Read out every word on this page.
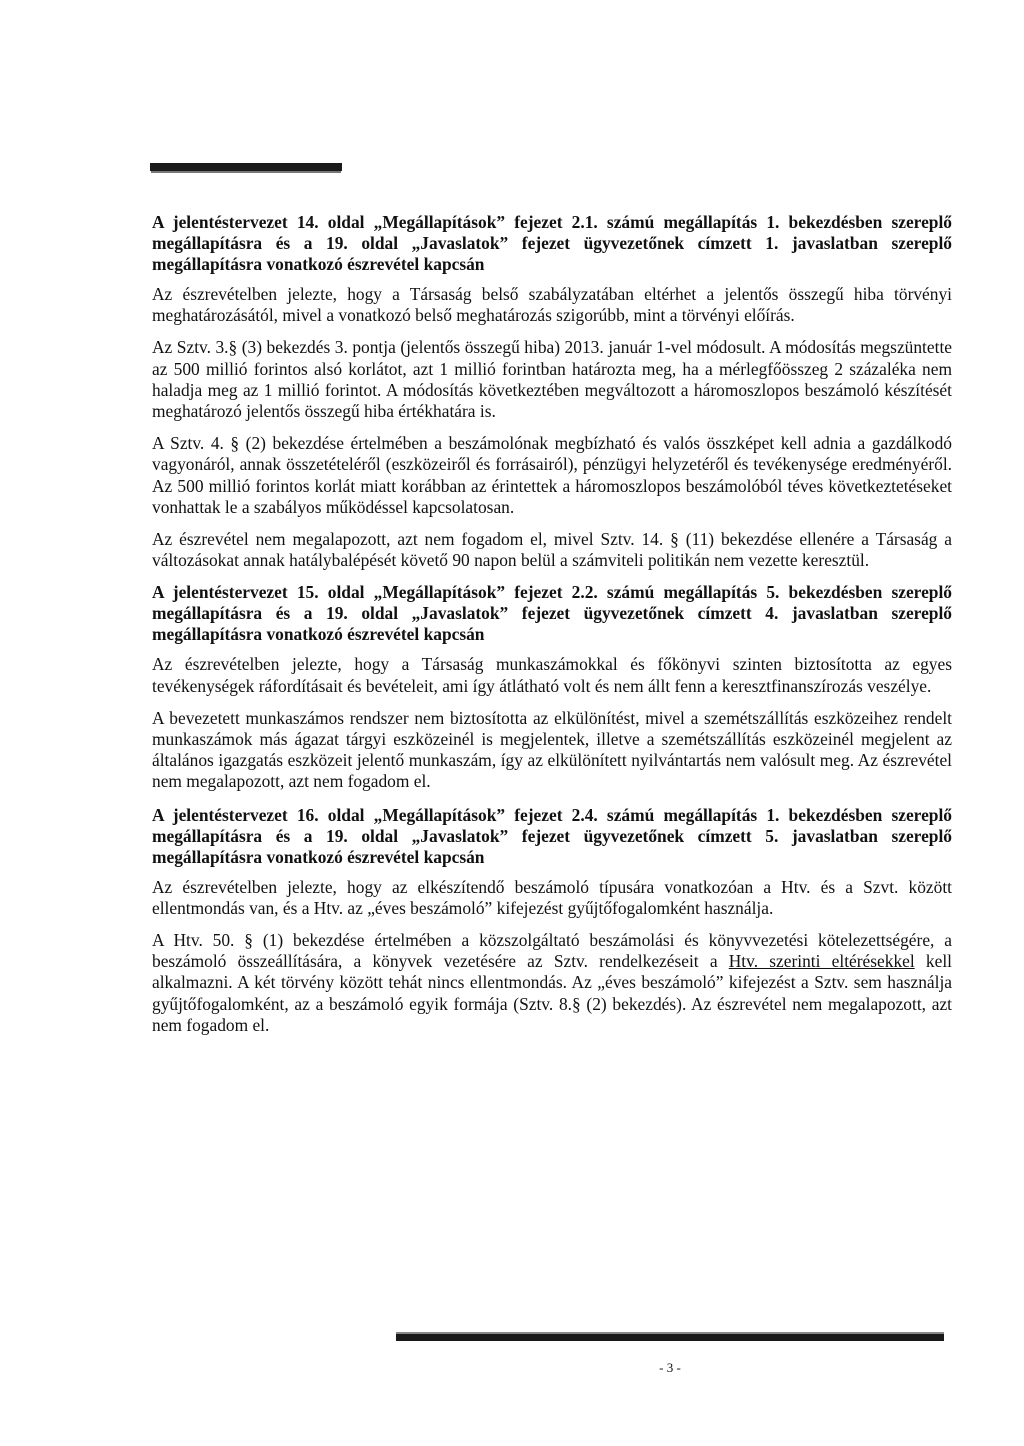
A jelentéstervezet 14. oldal „Megállapítások” fejezet 2.1. számú megállapítás 1. bekezdésben szereplő megállapításra és a 19. oldal „Javaslatok” fejezet ügyvezetőnek címzett 1. javaslatban szereplő megállapításra vonatkozó észrevétel kapcsán

Az észrevételben jelezte, hogy a Társaság belső szabályzatában eltérhet a jelentős összegű hiba törvényi meghatározásától, mivel a vonatkozó belső meghatározás szigorúbb, mint a törvényi előírás.

Az Sztv. 3.§ (3) bekezdés 3. pontja (jelentős összegű hiba) 2013. január 1-vel módosult. A módosítás megszüntette az 500 millió forintos alsó korlátot, azt 1 millió forintban határozta meg, ha a mérlegfőösszeg 2 százaléka nem haladja meg az 1 millió forintot. A módosítás következtében megváltozott a háromoszlopos beszámoló készítését meghatározó jelentős összegű hiba értékhatára is.

A Sztv. 4. § (2) bekezdése értelmében a beszámolónak megbízható és valós összképet kell adnia a gazdálkodó vagyonáról, annak összetételéről (eszközeiről és forrásairól), pénzügyi helyzetéről és tevékenysége eredményéről. Az 500 millió forintos korlát miatt korábban az érintettek a háromoszlopos beszámolóból téves következtetéseket vonhattak le a szabályos működéssel kapcsolatosan.

Az észrevétel nem megalapozott, azt nem fogadom el, mivel Sztv. 14. § (11) bekezdése ellenére a Társaság a változásokat annak hatálybalépését követő 90 napon belül a számviteli politikán nem vezette keresztül.

A jelentéstervezet 15. oldal „Megállapítások” fejezet 2.2. számú megállapítás 5. bekezdésben szereplő megállapításra és a 19. oldal „Javaslatok” fejezet ügyvezetőnek címzett 4. javaslatban szereplő megállapításra vonatkozó észrevétel kapcsán

Az észrevételben jelezte, hogy a Társaság munkaszámokkal és főkönyvi szinten biztosította az egyes tevékenységek ráfordításait és bevételeit, ami így átlátható volt és nem állt fenn a keresztfinanszírozás veszélye.

A bevezetett munkaszámos rendszer nem biztosította az elkülönítést, mivel a szemétszállítás eszközeihez rendelt munkaszámok más ágazat tárgyi eszközeinél is megjelentek, illetve a szemétszállítás eszközeinél megjelent az általános igazgatás eszközeit jelentő munkaszám, így az elkülönített nyilvántartás nem valósult meg. Az észrevétel nem megalapozott, azt nem fogadom el.

A jelentéstervezet 16. oldal „Megállapítások” fejezet 2.4. számú megállapítás 1. bekezdésben szereplő megállapításra és a 19. oldal „Javaslatok” fejezet ügyvezetőnek címzett 5. javaslatban szereplő megállapításra vonatkozó észrevétel kapcsán

Az észrevételben jelezte, hogy az elkészítendő beszámoló típusára vonatkozóan a Htv. és a Szvt. között ellentmondás van, és a Htv. az „éves beszámoló” kifejezést gyűjtőfogalomként használja.

A Htv. 50. § (1) bekezdése értelmében a közszolgáltató beszámolási és könyvvezetési kötelezettségére, a beszámoló összeállítására, a könyvek vezetésére az Sztv. rendelkezéseit a Htv. szerinti eltérésekkel kell alkalmazni. A két törvény között tehát nincs ellentmondás. Az „éves beszámoló” kifejezést a Sztv. sem használja gyűjtőfogalomként, az a beszámoló egyik formája (Sztv. 8.§ (2) bekezdés). Az észrevétel nem megalapozott, azt nem fogadom el.

- 3 -
